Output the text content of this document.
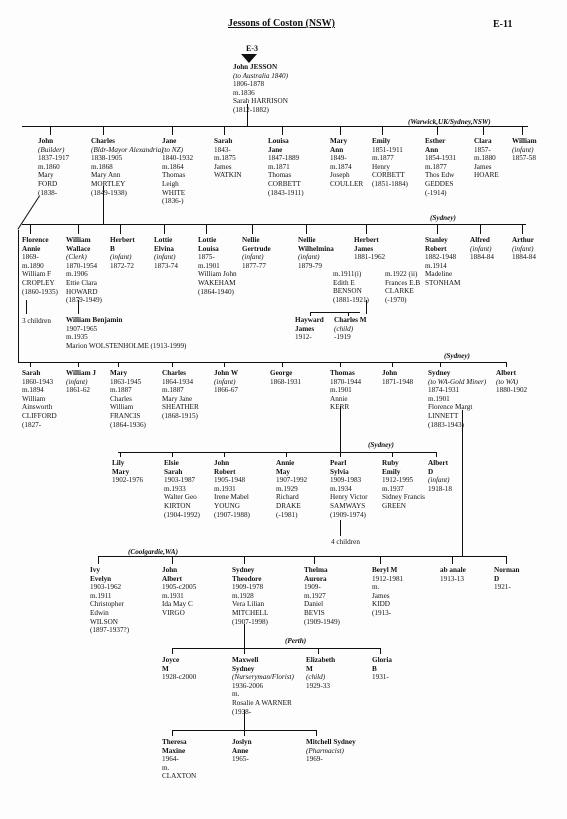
Jessons of Coston (NSW)	E-11
E-3
John JESSON
(to Australia 1840)
1806-1878
m.1836
Sarah HARRISON
(1812-1882)
(Warwick,UK/Sydney,NSW)
(Sydney)
(Sydney)
(Sydney)
(Coolgardie,WA)
(Perth)
John
(Builder)
1837-1917
m.1860
Mary
FORD
(1838-
Charles
(Bldr-Mayor Alexandria)
1838-1905
m.1868
Mary Ann
MORTLEY
(1849-1938)
Jane
(to NZ)
1840-1932
m.1864
Thomas
Leigh
WHITE
(1836-)
Sarah
1843-
m.1875
James
WATKIN
Louisa
Jane
1847-1889
m.1871
Thomas
CORBETT
(1843-1911)
Mary
Ann
1849-
m.1874
Joseph
COULLER
Emily
1851-1911
m.1877
Henry
CORBETT
(1851-1884)
Esther
Ann
1854-1931
m.1877
Thos Edw
GEDDES
(-1914)
Clara
1857-
m.1880
James
HOARE
William
(infant)
1857-58
Florence
Annie
1869-
m.1890
William F
CROPLEY
(1860-1935)
William
Wallace
(Clerk)
1870-1954
m.1906
Ettie Clara
HOWARD
(1879-1949)
Herbert
B
(infant)
1872-72
Lottie
Elvina
(infant)
1873-74
Lottie
Louisa
1875-
m.1901
William John
WAKEHAM
(1864-1940)
Nellie
Gertrude
(infant)
1877-77
Nellie
Wilhelmina
(infant)
1879-79
Herbert
James
1881-1962
Stanley
Robert
1882-1948
m.1914
Madeline
STONHAM
Alfred
(infant)
1884-84
Arthur
(infant)
1884-84
Sarah
1860-1943
m.1894
William
Ainsworth
CLIFFORD
(1827-
William J
(infant)
1861-62
Mary
1863-1945
m.1887
Charles
William
FRANCIS
(1864-1936)
Charles
1864-1934
m.1887
Mary Jane
SHEATHER
(1868-1915)
John W
(infant)
1866-67
George
1868-1931
Thomas
1870-1944
m.1901
Annie
KERR
John
1871-1948
Sydney
(to WA-Gold Miner)
1874-1931
m.1901
Florence Margt
LINNETT
(1883-1943)
Albert
(to WA)
1880-1902
Lily
Mary
1902-1976
Elsie
Sarah
1903-1987
m.1933
Walter Geo
KIRTON
(1904-1992)
John
Robert
1905-1948
m.1931
Irene Mabel
YOUNG
(1907-1988)
Annie
May
1907-1992
m.1929
Richard
DRAKE
(-1981)
Pearl
Sylvia
1909-1983
m.1934
Henry Victor
SAMWAYS
(1909-1974)
Ruby
Emily
1912-1995
m.1937
Sidney Francis
GREEN
Albert
D
(infant)
1918-18
Ivy
Evelyn
1903-1962
m.1911
Christopher
Edwin
WILSON
(1897-1937?)
John
Albert
1905-c2005
m.1931
Ida May C
VIRGO
Sydney
Theodore
1909-1978
m.1928
Vera Lilian
MITCHELL
(1907-1998)
Thelma
Aurora
1909-
m.1927
Daniel
BEVIS
(1909-1949)
Beryl M
1912-1981
m.
James
KIDD
(1913-
ab anale
1913-13
Norman
D
1921-
Joyce
M
1928-c2000
Maxwell
Sydney
(Nurseryman/Florist)
1936-2006
m.
Rosalie A WARNER
(1938-
Elizabeth
M
(child)
1929-33
Gloria
B
1931-
Theresa
Maxine
1964-
m.
CLAXTON
Joslyn
Anne
1965-
Mitchell Sydney
(Pharmacist)
1969-
m.1911(i)
Edith E
BENSON
(1881-1921)
m.1922 (ii)
Frances E.B
CLARKE
(-1970)
Hayward
James
1912-
Charles M
(child)
-1919
3 children William Benjamin
1907-1965
m.1935
Marion WOLSTENHOLME (1913-1999)
4 children
